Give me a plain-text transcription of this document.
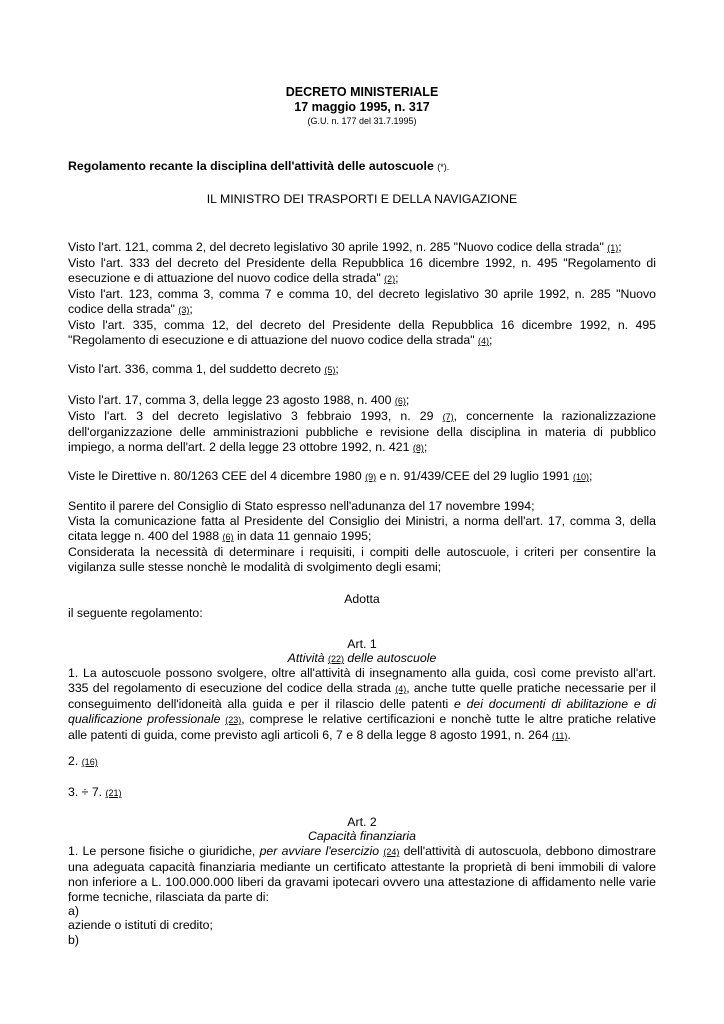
DECRETO MINISTERIALE
17 maggio 1995, n. 317
(G.U. n. 177 del 31.7.1995)
Regolamento recante la disciplina dell'attività delle autoscuole (*).
IL MINISTRO DEI TRASPORTI E DELLA NAVIGAZIONE

Visto l'art. 121, comma 2, del decreto legislativo 30 aprile 1992, n. 285 "Nuovo codice della strada" (1);

Visto l'art. 333 del decreto del Presidente della Repubblica 16 dicembre 1992, n. 495 "Regolamento di esecuzione e di attuazione del nuovo codice della strada" (2);

Visto l'art. 123, comma 3, comma 7 e comma 10, del decreto legislativo 30 aprile 1992, n. 285 "Nuovo codice della strada" (3);

Visto l'art. 335, comma 12, del decreto del Presidente della Repubblica 16 dicembre 1992, n. 495 "Regolamento di esecuzione e di attuazione del nuovo codice della strada" (4);

Visto l'art. 336, comma 1, del suddetto decreto (5);

Visto l'art. 17, comma 3, della legge 23 agosto 1988, n. 400 (6);

Visto l'art. 3 del decreto legislativo 3 febbraio 1993, n. 29 (7), concernente la razionalizzazione dell'organizzazione delle amministrazioni pubbliche e revisione della disciplina in materia di pubblico impiego, a norma dell'art. 2 della legge 23 ottobre 1992, n. 421 (8);

Viste le Direttive n. 80/1263 CEE del 4 dicembre 1980 (9) e n. 91/439/CEE del 29 luglio 1991 (10);

Sentito il parere del Consiglio di Stato espresso nell'adunanza del 17 novembre 1994;

Vista la comunicazione fatta al Presidente del Consiglio dei Ministri, a norma dell'art. 17, comma 3, della citata legge n. 400 del 1988 (6) in data 11 gennaio 1995;

Considerata la necessità di determinare i requisiti, i compiti delle autoscuole, i criteri per consentire la vigilanza sulle stesse nonchè le modalità di svolgimento degli esami;

Adotta
il seguente regolamento:
Art. 1
Attività (22) delle autoscuole
1. La autoscuole possono svolgere, oltre all'attività di insegnamento alla guida, così come previsto all'art. 335 del regolamento di esecuzione del codice della strada (4), anche tutte quelle pratiche necessarie per il conseguimento dell'idoneità alla guida e per il rilascio delle patenti e dei documenti di abilitazione e di qualificazione professionale (23), comprese le relative certificazioni e nonchè tutte le altre pratiche relative alle patenti di guida, come previsto agli articoli 6, 7 e 8 della legge 8 agosto 1991, n. 264 (11).
2. (16)
3. ÷ 7. (21)
Art. 2
Capacità finanziaria
1. Le persone fisiche o giuridiche, per avviare l'esercizio (24) dell'attività di autoscuola, debbono dimostrare una adeguata capacità finanziaria mediante un certificato attestante la proprietà di beni immobili di valore non inferiore a L. 100.000.000 liberi da gravami ipotecari ovvero una attestazione di affidamento nelle varie forme tecniche, rilasciata da parte di:
a)
aziende o istituti di credito;
b)
